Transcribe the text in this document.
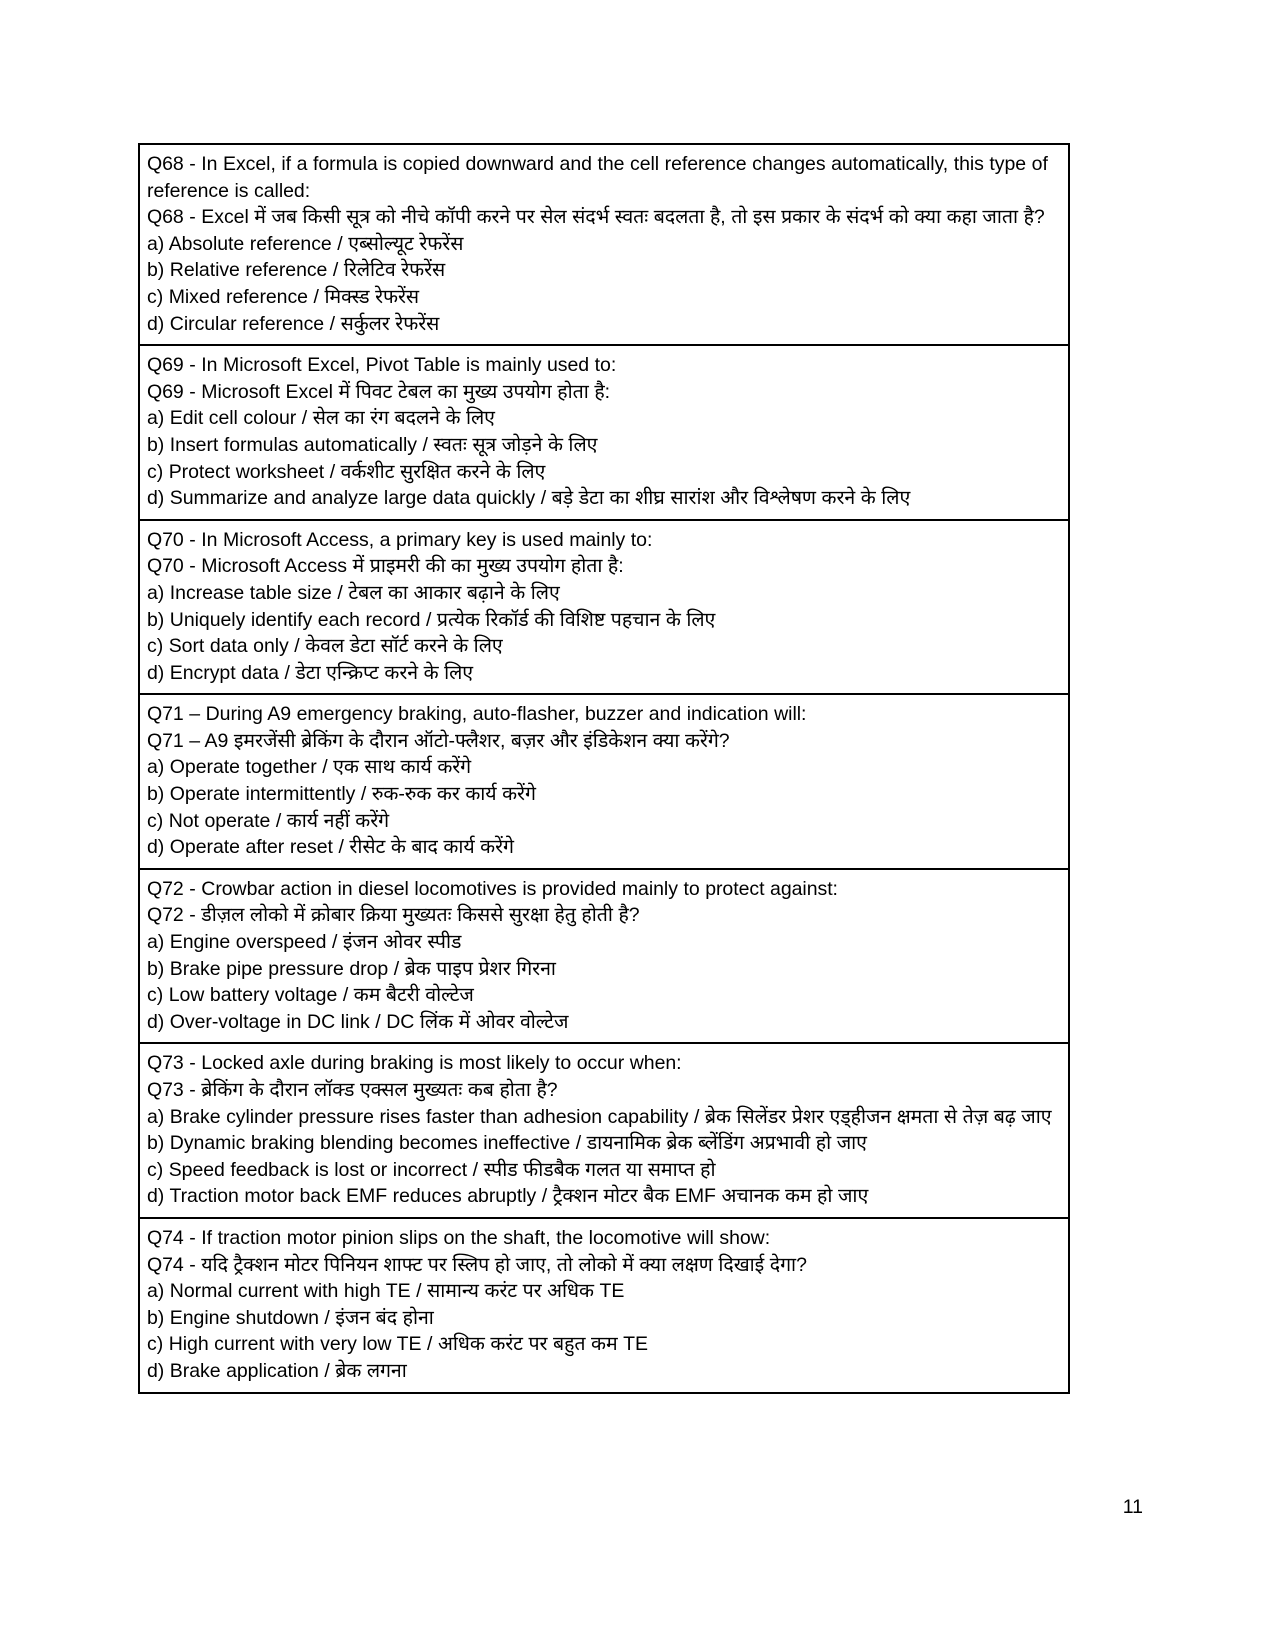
Q68 - In Excel, if a formula is copied downward and the cell reference changes automatically, this type of reference is called:
Q68 - Excel में जब किसी सूत्र को नीचे कॉपी करने पर सेल संदर्भ स्वतः बदलता है, तो इस प्रकार के संदर्भ को क्या कहा जाता है?
a) Absolute reference / एब्सोल्यूट रेफरेंस
b) Relative reference / रिलेटिव रेफरेंस
c) Mixed reference / मिक्स्ड रेफरेंस
d) Circular reference / सर्कुलर रेफरेंस
Q69 - In Microsoft Excel, Pivot Table is mainly used to:
Q69 - Microsoft Excel में पिवट टेबल का मुख्य उपयोग होता है:
a) Edit cell colour / सेल का रंग बदलने के लिए
b) Insert formulas automatically / स्वतः सूत्र जोड़ने के लिए
c) Protect worksheet / वर्कशीट सुरक्षित करने के लिए
d) Summarize and analyze large data quickly / बड़े डेटा का शीघ्र सारांश और विश्लेषण करने के लिए
Q70 - In Microsoft Access, a primary key is used mainly to:
Q70 - Microsoft Access में प्राइमरी की का मुख्य उपयोग होता है:
a) Increase table size / टेबल का आकार बढ़ाने के लिए
b) Uniquely identify each record / प्रत्येक रिकॉर्ड की विशिष्ट पहचान के लिए
c) Sort data only / केवल डेटा सॉर्ट करने के लिए
d) Encrypt data / डेटा एन्क्रिप्ट करने के लिए
Q71 – During A9 emergency braking, auto-flasher, buzzer and indication will:
Q71 – A9 इमरजेंसी ब्रेकिंग के दौरान ऑटो-फ्लैशर, बज़र और इंडिकेशन क्या करेंगे?
a) Operate together / एक साथ कार्य करेंगे
b) Operate intermittently / रुक-रुक कर कार्य करेंगे
c) Not operate / कार्य नहीं करेंगे
d) Operate after reset / रीसेट के बाद कार्य करेंगे
Q72 - Crowbar action in diesel locomotives is provided mainly to protect against:
Q72 - डीज़ल लोको में क्रोबार क्रिया मुख्यतः किससे सुरक्षा हेतु होती है?
a) Engine overspeed / इंजन ओवर स्पीड
b) Brake pipe pressure drop / ब्रेक पाइप प्रेशर गिरना
c) Low battery voltage / कम बैटरी वोल्टेज
d) Over-voltage in DC link / DC लिंक में ओवर वोल्टेज
Q73 - Locked axle during braking is most likely to occur when:
Q73 - ब्रेकिंग के दौरान लॉक्ड एक्सल मुख्यतः कब होता है?
a) Brake cylinder pressure rises faster than adhesion capability / ब्रेक सिलेंडर प्रेशर एड्हीजन क्षमता से तेज़ बढ़ जाए
b) Dynamic braking blending becomes ineffective / डायनामिक ब्रेक ब्लेंडिंग अप्रभावी हो जाए
c) Speed feedback is lost or incorrect / स्पीड फीडबैक गलत या समाप्त हो
d) Traction motor back EMF reduces abruptly / ट्रैक्शन मोटर बैक EMF अचानक कम हो जाए
Q74 - If traction motor pinion slips on the shaft, the locomotive will show:
Q74 - यदि ट्रैक्शन मोटर पिनियन शाफ्ट पर स्लिप हो जाए, तो लोको में क्या लक्षण दिखाई देगा?
a) Normal current with high TE / सामान्य करंट पर अधिक TE
b) Engine shutdown / इंजन बंद होना
c) High current with very low TE / अधिक करंट पर बहुत कम TE
d) Brake application / ब्रेक लगना
11
